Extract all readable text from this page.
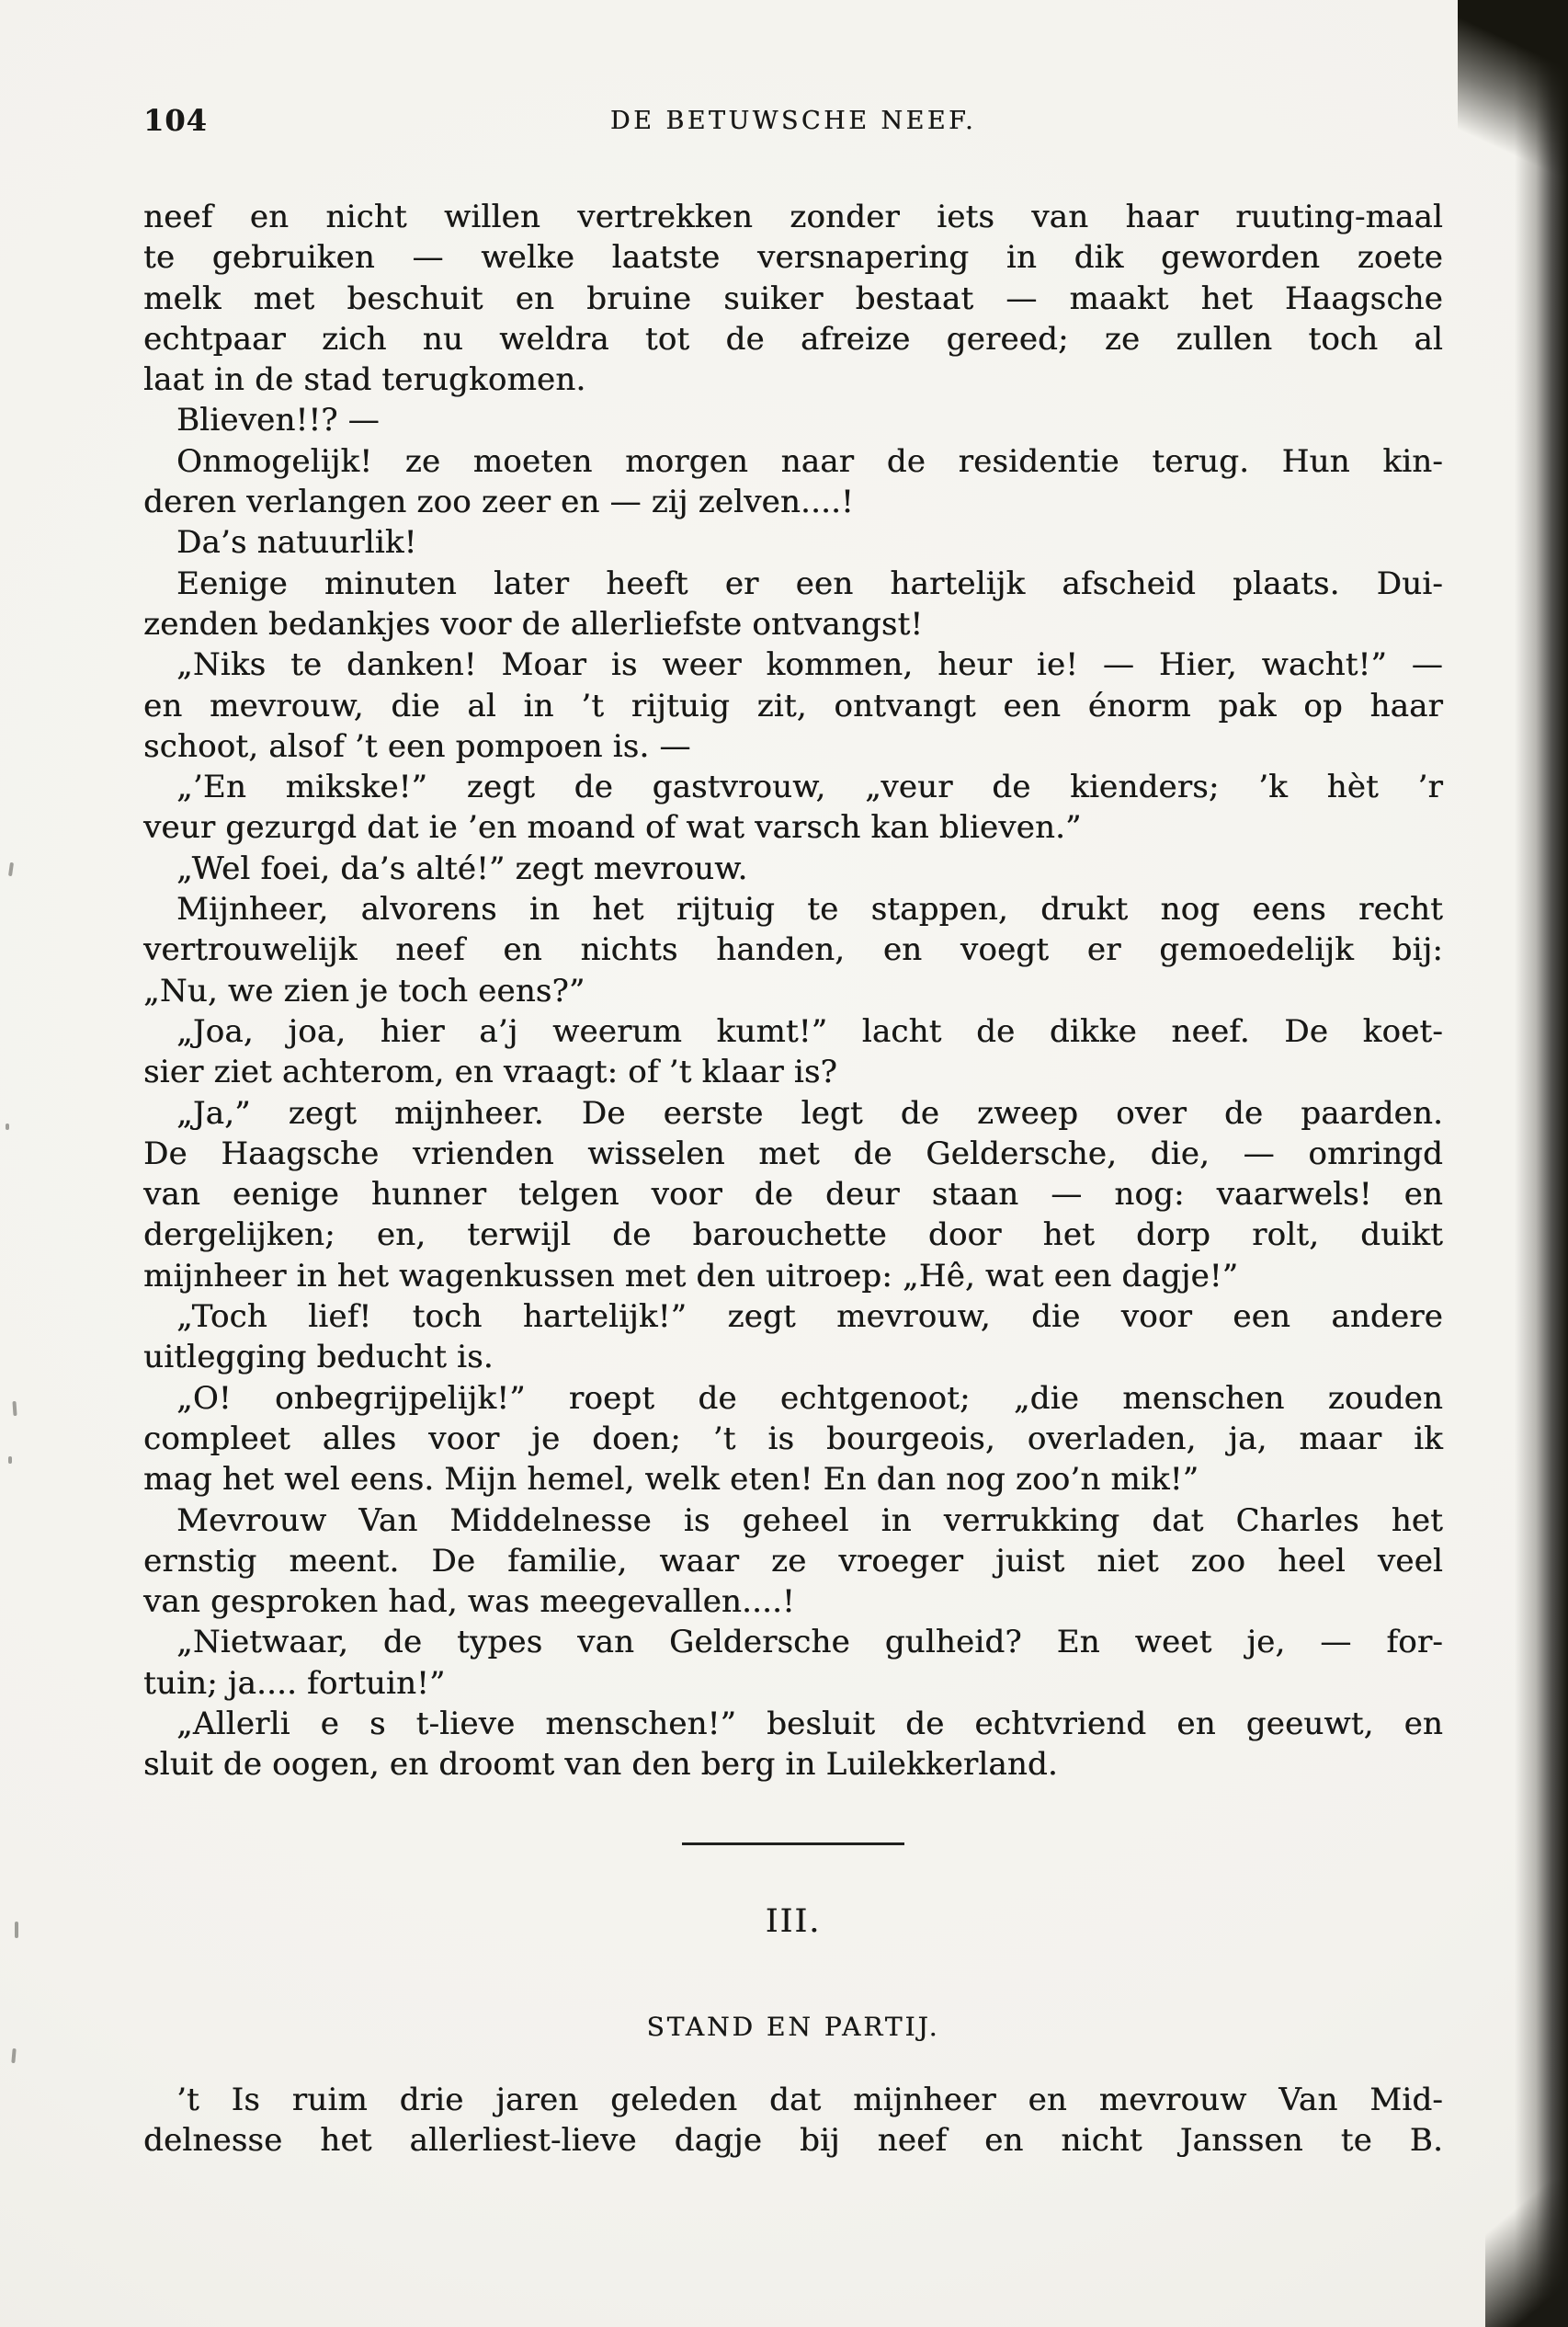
104	DE BETUWSCHE NEEF.
neef en nicht willen vertrekken zonder iets van haar ruuting-maal
te gebruiken — welke laatste versnapering in dik geworden zoete
melk met beschuit en bruine suiker bestaat — maakt het Haagsche
echtpaar zich nu weldra tot de afreize gereed; ze zullen toch al
laat in de stad terugkomen.
Blieven!!? —
Onmogelijk! ze moeten morgen naar de residentie terug. Hun kin-
deren verlangen zoo zeer en — zij zelven....!
Da’s natuurlik!
Eenige minuten later heeft er een hartelijk afscheid plaats. Dui-
zenden bedankjes voor de allerliefste ontvangst!
„Niks te danken! Moar is weer kommen, heur ie! — Hier, wacht!” —
en mevrouw, die al in ’t rijtuig zit, ontvangt een énorm pak op haar
schoot, alsof ’t een pompoen is. —
„’En mikske!” zegt de gastvrouw, „veur de kienders; ’k hèt ’r
veur gezurgd dat ie ’en moand of wat varsch kan blieven.”
„Wel foei, da’s alté!” zegt mevrouw.
Mijnheer, alvorens in het rijtuig te stappen, drukt nog eens recht
vertrouwelijk neef en nichts handen, en voegt er gemoedelijk bij:
„Nu, we zien je toch eens?”
„Joa, joa, hier a’j weerum kumt!” lacht de dikke neef. De koet-
sier ziet achterom, en vraagt: of ’t klaar is?
„Ja,” zegt mijnheer. De eerste legt de zweep over de paarden.
De Haagsche vrienden wisselen met de Geldersche, die, — omringd
van eenige hunner telgen voor de deur staan — nog: vaarwels! en
dergelijken; en, terwijl de barouchette door het dorp rolt, duikt
mijnheer in het wagenkussen met den uitroep: „Hê, wat een dagje!”
„Toch lief! toch hartelijk!” zegt mevrouw, die voor een andere
uitlegging beducht is.
„O! onbegrijpelijk!” roept de echtgenoot; „die menschen zouden
compleet alles voor je doen; ’t is bourgeois, overladen, ja, maar ik
mag het wel eens. Mijn hemel, welk eten! En dan nog zoo’n mik!”
Mevrouw Van Middelnesse is geheel in verrukking dat Charles het
ernstig meent. De familie, waar ze vroeger juist niet zoo heel veel
van gesproken had, was meegevallen....!
„Nietwaar, de types van Geldersche gulheid? En weet je, — for-
tuin; ja.... fortuin!”
„Allerli e s t-lieve menschen!” besluit de echtvriend en geeuwt, en
sluit de oogen, en droomt van den berg in Luilekkerland.
III.
STAND EN PARTIJ.
’t Is ruim drie jaren geleden dat mijnheer en mevrouw Van Mid-
delnesse het allerliest-lieve dagje bij neef en nicht Janssen te B.
